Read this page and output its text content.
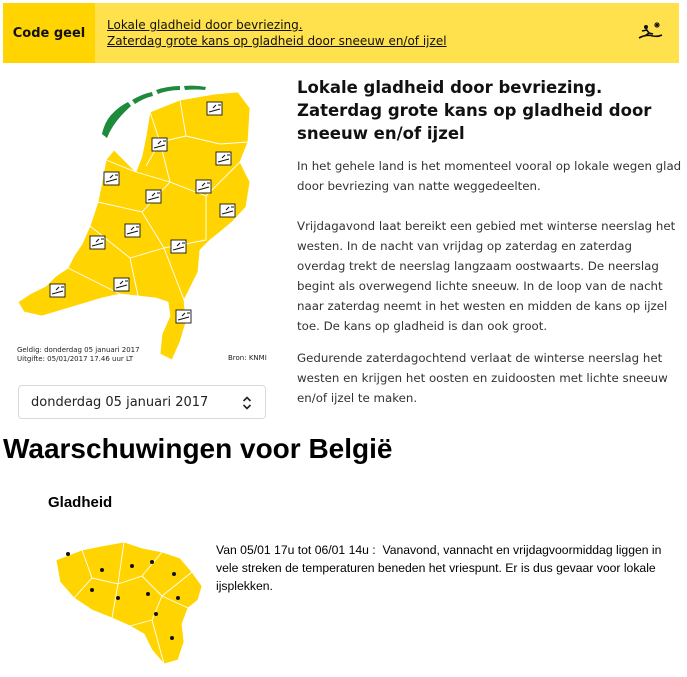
Code geel
Lokale gladheid door bevriezing.
Zaterdag grote kans op gladheid door sneeuw en/of ijzel
Geldig: donderdag 05 januari 2017
Uitgifte: 05/01/2017 17.46 uur LT	Bron: KNMI
donderdag 05 januari 2017
Lokale gladheid door bevriezing. Zaterdag grote kans op gladheid door sneeuw en/of ijzel

In het gehele land is het momenteel vooral op lokale wegen glad door bevriezing van natte weggedeelten.

Vrijdagavond laat bereikt een gebied met winterse neerslag het westen. In de nacht van vrijdag op zaterdag en zaterdag overdag trekt de neerslag langzaam oostwaarts. De neerslag begint als overwegend lichte sneeuw. In de loop van de nacht naar zaterdag neemt in het westen en midden de kans op ijzel toe. De kans op gladheid is dan ook groot.

Gedurende zaterdagochtend verlaat de winterse neerslag het westen en krijgen het oosten en zuidoosten met lichte sneeuw en/of ijzel te maken.

Waarschuwingen voor België
Gladheid

Van 05/01 17u tot 06/01 14u : Vanavond, vannacht en vrijdagvoormiddag liggen in vele streken de temperaturen beneden het vriespunt. Er is dus gevaar voor lokale ijsplekken.
